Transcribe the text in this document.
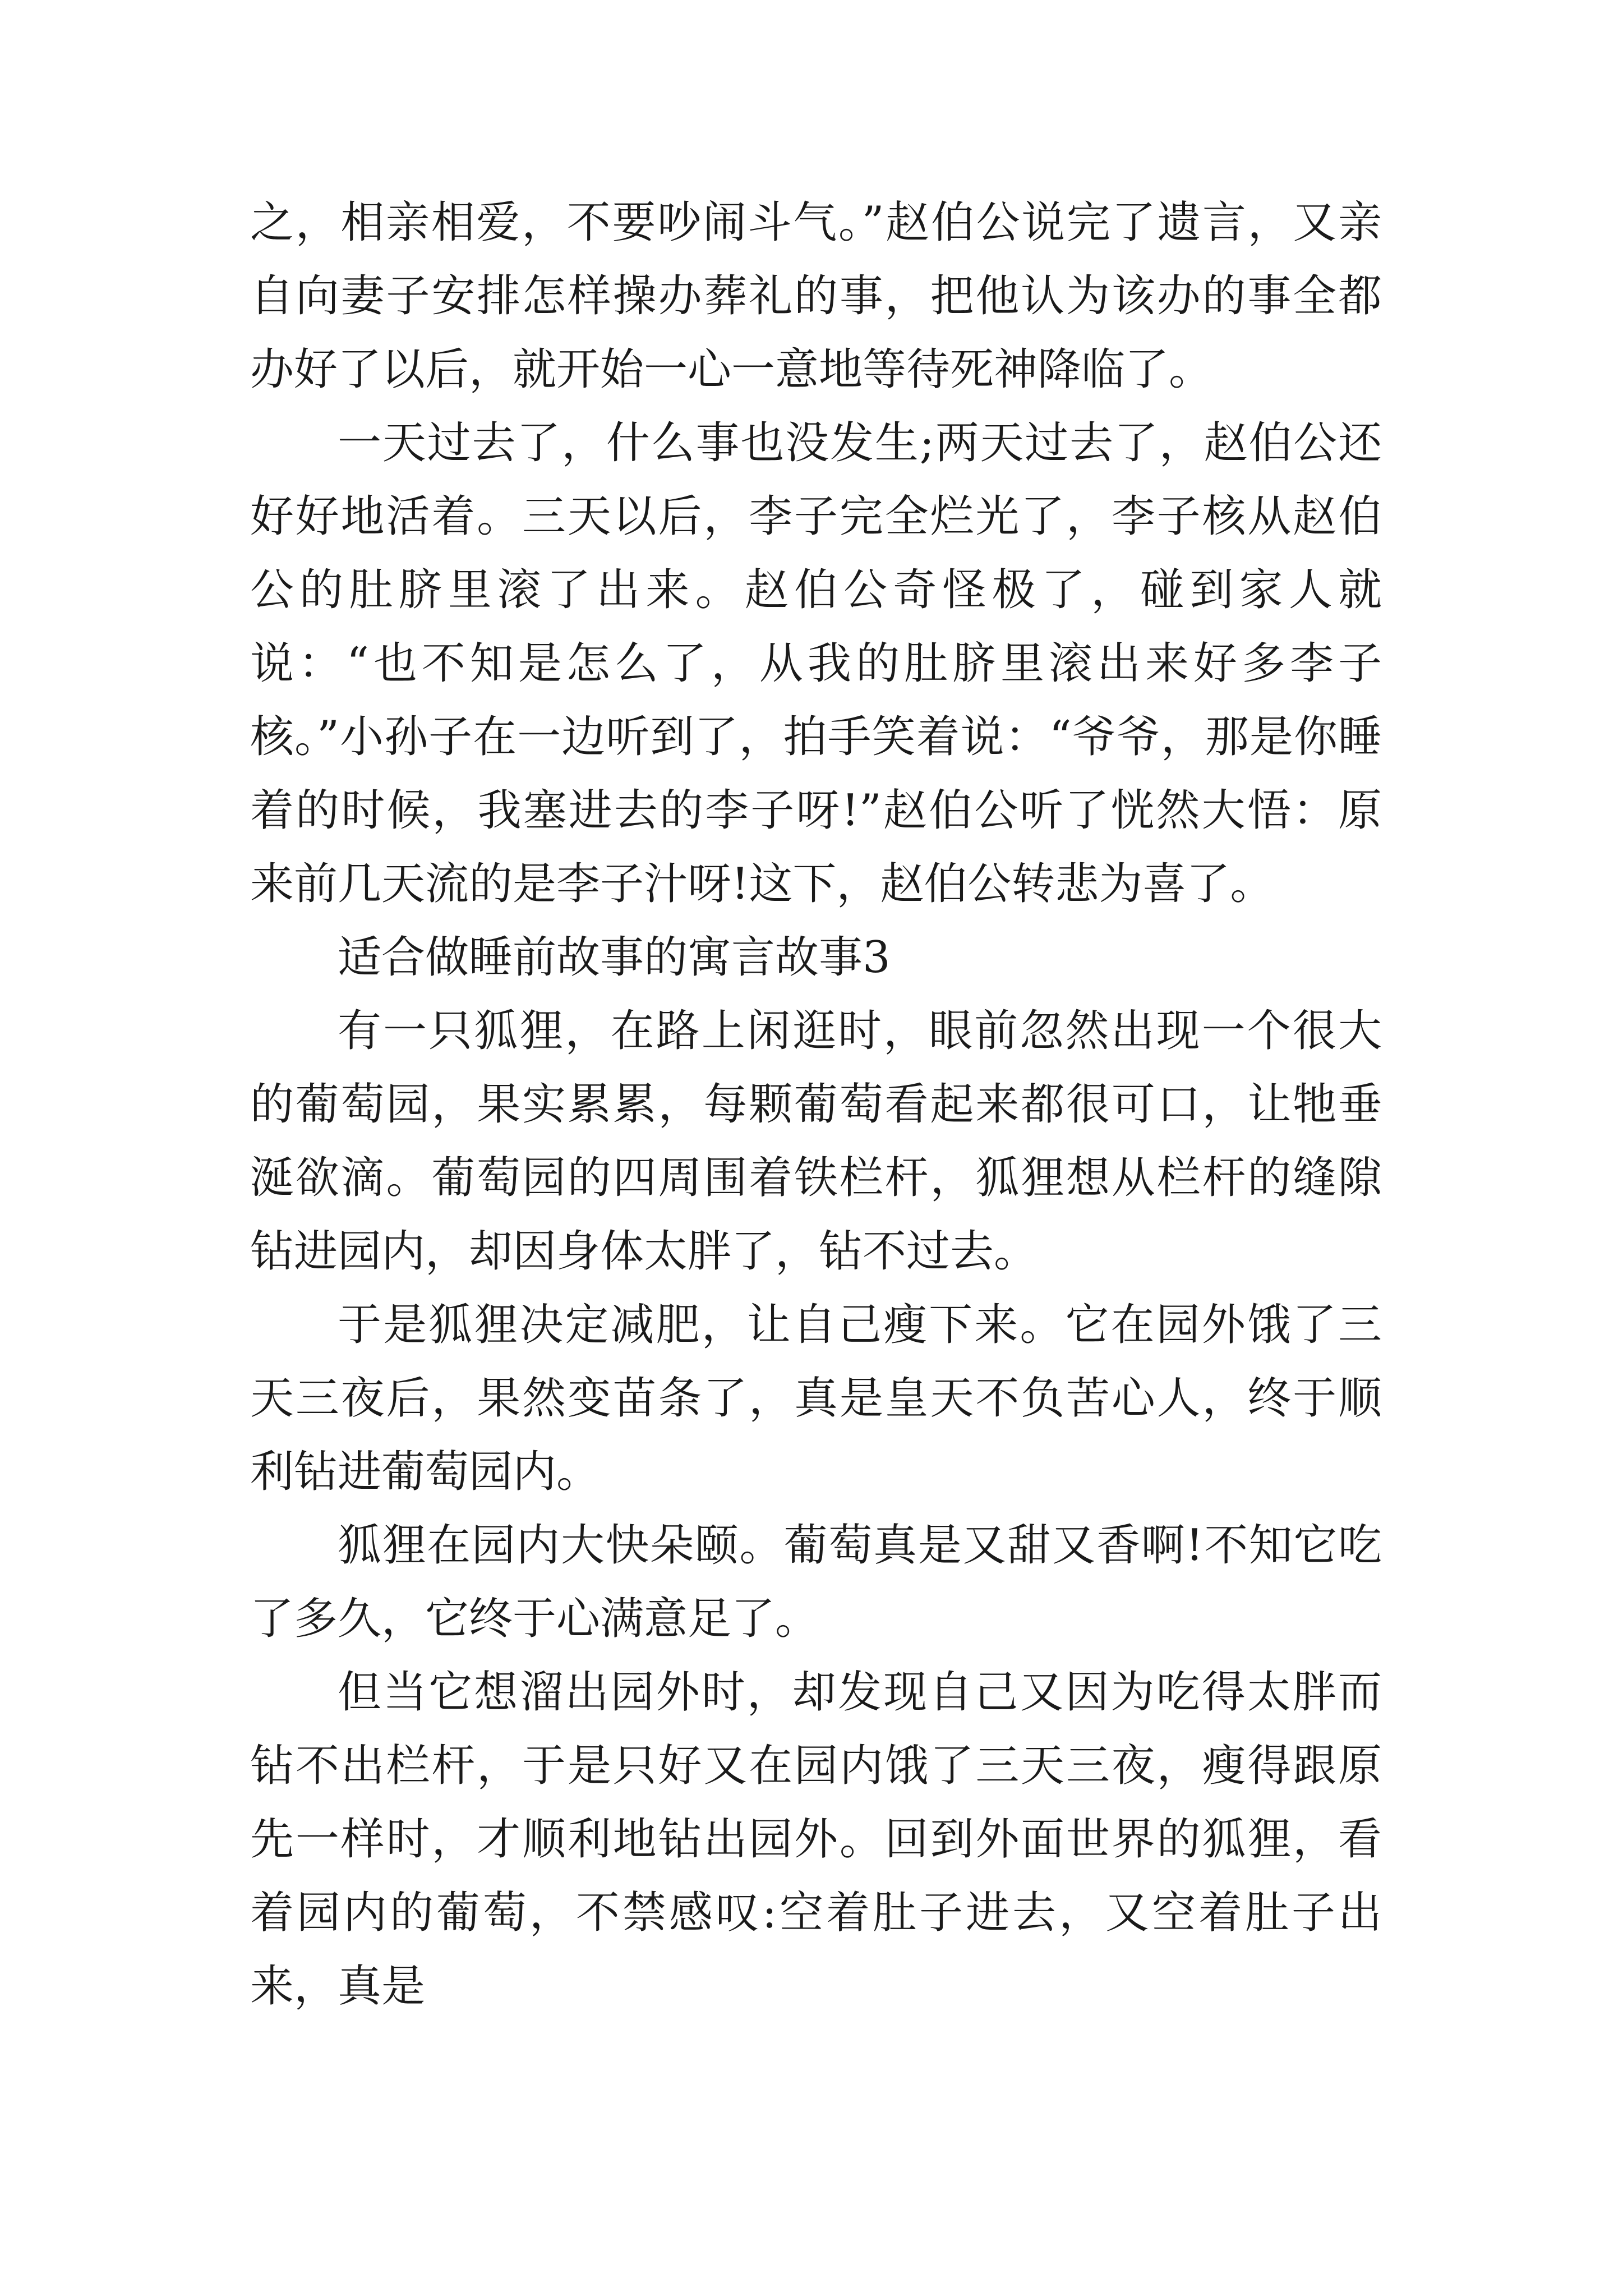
之，相亲相爱，不要吵闹斗气。”赵伯公说完了遗言，又亲自向妻子安排怎样操办葬礼的事，把他认为该办的事全都办好了以后，就开始一心一意地等待死神降临了。

一天过去了，什么事也没发生;两天过去了，赵伯公还好好地活着。三天以后，李子完全烂光了，李子核从赵伯公的肚脐里滚了出来。赵伯公奇怪极了，碰到家人就说：“也不知是怎么了，从我的肚脐里滚出来好多李子核。”小孙子在一边听到了，拍手笑着说：“爷爷，那是你睡着的时候，我塞进去的李子呀!”赵伯公听了恍然大悟：原来前几天流的是李子汁呀!这下，赵伯公转悲为喜了。

适合做睡前故事的寓言故事3

有一只狐狸，在路上闲逛时，眼前忽然出现一个很大的葡萄园，果实累累，每颗葡萄看起来都很可口，让牠垂涎欲滴。葡萄园的四周围着铁栏杆，狐狸想从栏杆的缝隙钻进园内，却因身体太胖了，钻不过去。

于是狐狸决定减肥，让自己瘦下来。它在园外饿了三天三夜后，果然变苗条了，真是皇天不负苦心人，终于顺利钻进葡萄园内。

狐狸在园内大快朵颐。葡萄真是又甜又香啊!不知它吃了多久，它终于心满意足了。

但当它想溜出园外时，却发现自己又因为吃得太胖而钻不出栏杆，于是只好又在园内饿了三天三夜，瘦得跟原先一样时，才顺利地钻出园外。回到外面世界的狐狸，看着园内的葡萄，不禁感叹:空着肚子进去，又空着肚子出来，真是
